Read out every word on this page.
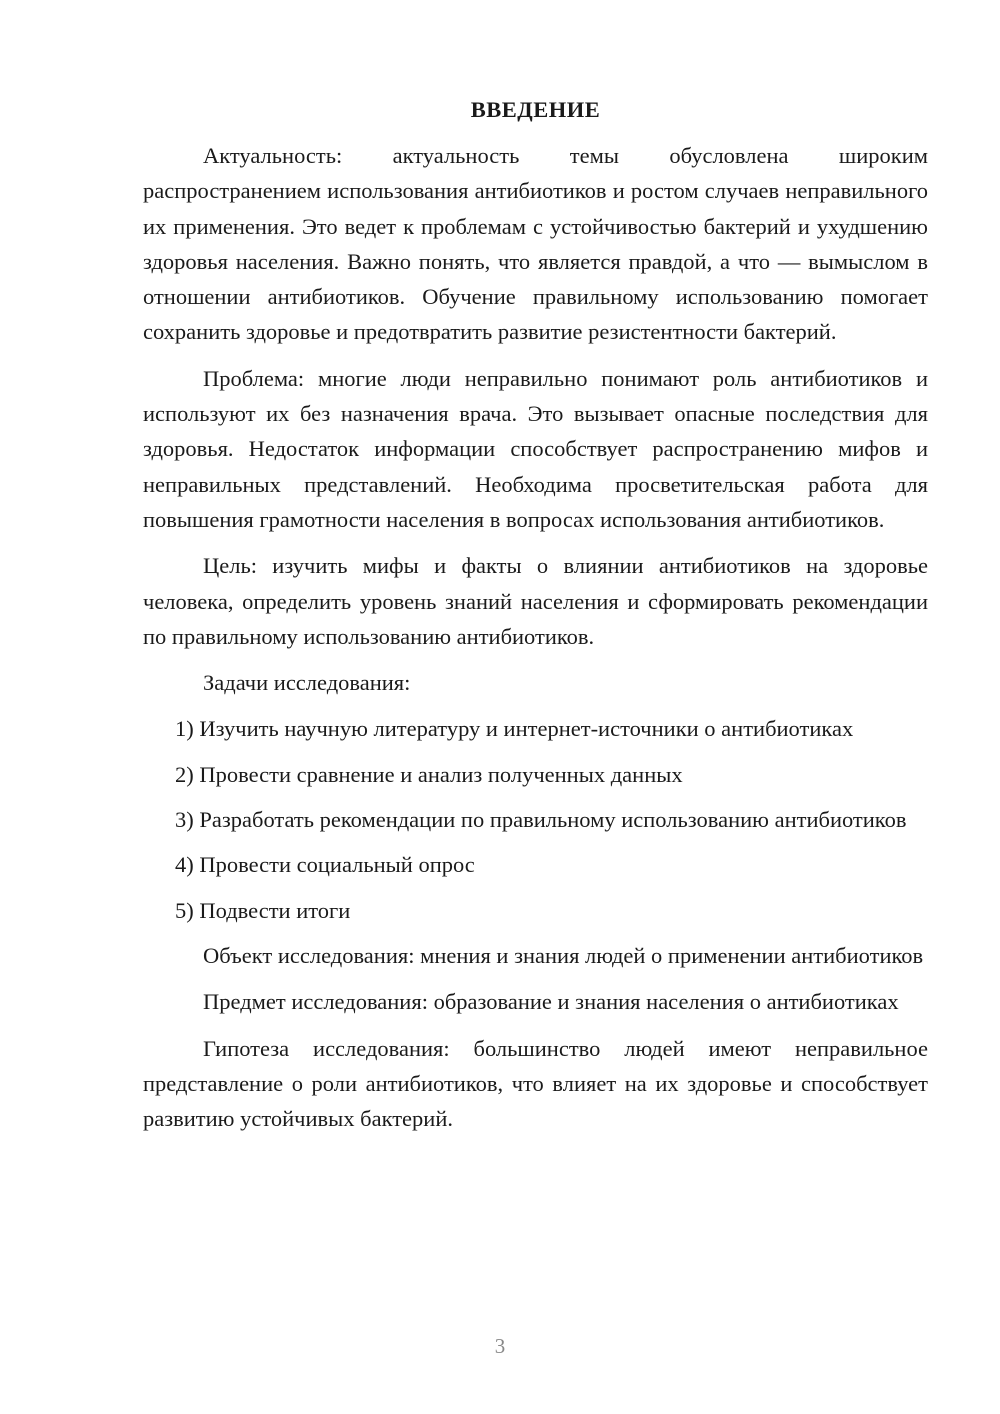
ВВЕДЕНИЕ

Актуальность: актуальность темы обусловлена широким распространением использования антибиотиков и ростом случаев неправильного их применения. Это ведет к проблемам с устойчивостью бактерий и ухудшению здоровья населения. Важно понять, что является правдой, а что — вымыслом в отношении антибиотиков. Обучение правильному использованию помогает сохранить здоровье и предотвратить развитие резистентности бактерий.

Проблема: многие люди неправильно понимают роль антибиотиков и используют их без назначения врача. Это вызывает опасные последствия для здоровья. Недостаток информации способствует распространению мифов и неправильных представлений. Необходима просветительская работа для повышения грамотности населения в вопросах использования антибиотиков.

Цель: изучить мифы и факты о влиянии антибиотиков на здоровье человека, определить уровень знаний населения и сформировать рекомендации по правильному использованию антибиотиков.

Задачи исследования:

1) Изучить научную литературу и интернет-источники о антибиотиках

2) Провести сравнение и анализ полученных данных

3) Разработать рекомендации по правильному использованию антибиотиков

4) Провести социальный опрос

5) Подвести итоги

Объект исследования: мнения и знания людей о применении антибиотиков

Предмет исследования: образование и знания населения о антибиотиках

Гипотеза исследования: большинство людей имеют неправильное представление о роли антибиотиков, что влияет на их здоровье и способствует развитию устойчивых бактерий.

3
